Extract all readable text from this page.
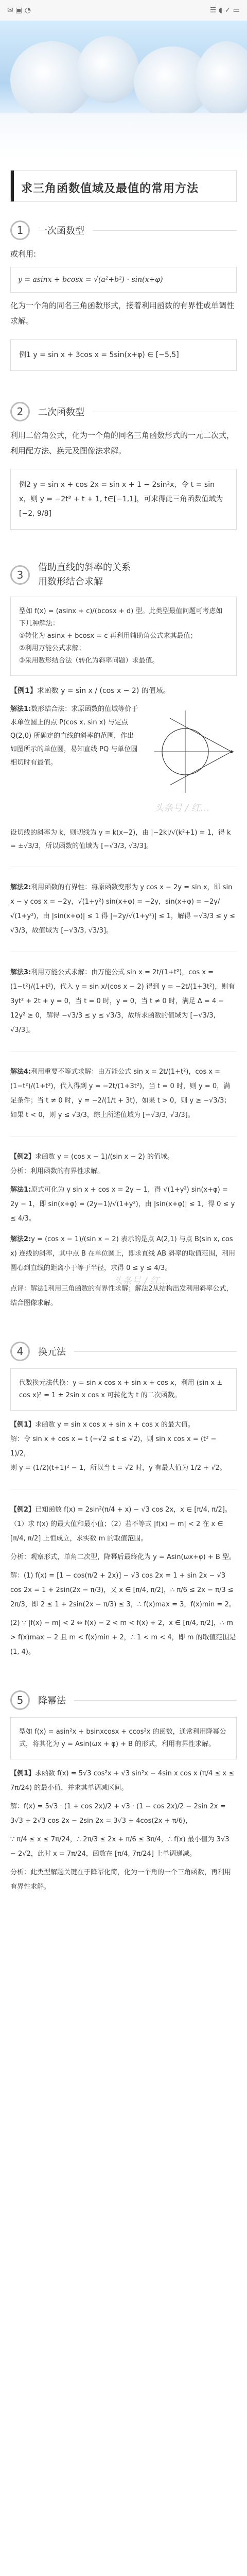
✉ ▣ ◔	☰ ◖ ✓ ▭
求三角函数值域及最值的常用方法
1	一次函数型
或利用:
y = asinx + bcosx = √(a²+b²) · sin(x+φ)
化为一个角的同名三角函数形式，接着利用函数的有界性或单调性求解。
例1 y = sin x + 3cos x = 5sin(x+φ) ∈ [−5,5]
2	二次函数型
利用二倍角公式，化为一个角的同名三角函数形式的一元二次式，利用配方法、换元及图像法求解。
例2 y = sin x + cos 2x = sin x + 1 − 2sin²x，令 t = sin x，则 y = −2t² + t + 1, t∈[−1,1]，可求得此三角函数值域为[−2, 9/8]
3
借助直线的斜率的关系
用数形结合求解
型如 f(x) = (asinx + c)/(bcosx + d) 型。此类型最值问题可考虑如下几种解法：
①转化为 asinx + bcosx = c 再利用辅助角公式求其最值；
②利用万能公式求解；
③采用数形结合法（转化为斜率问题）求最值。
【例1】求函数 y = sin x / (cos x − 2) 的值域。
解法1:数形结合法：求原函数的值域等价于求单位圆上的点 P(cos x, sin x) 与定点 Q(2,0) 所确定的直线的斜率的范围，作出如图所示的单位圆，易知直线 PQ 与单位圆相切时有最值。
头条号 / 红…
设切线的斜率为 k，则切线为 y = k(x−2)，由 |−2k|/√(k²+1) = 1，得 k = ±√3/3，所以函数的值域为 [−√3/3, √3/3]。
解法2:利用函数的有界性：将原函数变形为 y cos x − 2y = sin x，即 sin x − y cos x = −2y，√(1+y²) sin(x+φ) = −2y，sin(x+φ) = −2y/√(1+y²)，由 |sin(x+φ)| ≤ 1 得 |−2y/√(1+y²)| ≤ 1，解得 −√3/3 ≤ y ≤ √3/3，故值域为 [−√3/3, √3/3]。
解法3:利用万能公式求解：由万能公式 sin x = 2t/(1+t²)，cos x = (1−t²)/(1+t²)，代入 y = sin x/(cos x − 2) 得到 y = −2t/(1+3t²)，则有 3yt² + 2t + y = 0，当 t = 0 时，y = 0，当 t ≠ 0 时，满足 Δ = 4 − 12y² ≥ 0，解得 −√3/3 ≤ y ≤ √3/3，故所求函数的值域为 [−√3/3, √3/3]。
解法4:利用重要不等式求解：由万能公式 sin x = 2t/(1+t²)，cos x = (1−t²)/(1+t²)，代入得到 y = −2t/(1+3t²)，当 t = 0 时，则 y = 0，满足条件；当 t ≠ 0 时，y = −2/(1/t + 3t)，如果 t > 0，则 y ≥ −√3/3；如果 t < 0，则 y ≤ √3/3，综上所述值域为 [−√3/3, √3/3]。
【例2】求函数 y = (cos x − 1)/(sin x − 2) 的值域。
分析：利用函数的有界性求解。
解法1:原式可化为 y sin x + cos x = 2y − 1，得 √(1+y²) sin(x+φ) = 2y − 1，即 sin(x+φ) = (2y−1)/√(1+y²)，由 |sin(x+φ)| ≤ 1，得 0 ≤ y ≤ 4/3。
解法2:y = (cos x − 1)/(sin x − 2) 表示的是点 A(2,1) 与点 B(sin x, cos x) 连线的斜率，其中点 B 在单位圆上，即求直线 AB 斜率的取值范围，利用圆心到直线的距离小于等于半径，求得 0 ≤ y ≤ 4/3。
头条号 / 红…
点评：解法1利用三角函数的有界性求解；解法2从结构出发利用斜率公式，结合图像求解。
4	换元法
代数换元法代换：y = sin x cos x + sin x + cos x，利用 (sin x ± cos x)² = 1 ± 2sin x cos x 可转化为 t 的二次函数。
【例1】求函数 y = sin x cos x + sin x + cos x 的最大值。
解：令 sin x + cos x = t (−√2 ≤ t ≤ √2)，则 sin x cos x = (t² − 1)/2，
则 y = (1/2)(t+1)² − 1，所以当 t = √2 时，y 有最大值为 1/2 + √2。
【例2】已知函数 f(x) = 2sin²(π/4 + x) − √3 cos 2x，x ∈ [π/4, π/2]。（1）求 f(x) 的最大值和最小值；（2）若不等式 |f(x) − m| < 2 在 x ∈ [π/4, π/2] 上恒成立，求实数 m 的取值范围。
分析：观察形式，单角二次型，降幂后最终化为 y = Asin(ωx+φ) + B 型。
解：(1) f(x) = [1 − cos(π/2 + 2x)] − √3 cos 2x = 1 + sin 2x − √3 cos 2x = 1 + 2sin(2x − π/3)，又 x ∈ [π/4, π/2]，∴ π/6 ≤ 2x − π/3 ≤ 2π/3，即 2 ≤ 1 + 2sin(2x − π/3) ≤ 3，∴ f(x)max = 3，f(x)min = 2。
(2) ∵ |f(x) − m| < 2 ⇔ f(x) − 2 < m < f(x) + 2，x ∈ [π/4, π/2]，∴ m > f(x)max − 2 且 m < f(x)min + 2，∴ 1 < m < 4，即 m 的取值范围是 (1, 4)。
5	降幂法
型如 f(x) = asin²x + bsinxcosx + ccos²x 的函数，通常利用降幂公式，将其化为 y = Asin(ωx + φ) + B 的形式，利用有界性求解。
【例1】求函数 f(x) = 5√3 cos²x + √3 sin²x − 4sin x cos x (π/4 ≤ x ≤ 7π/24) 的最小值，并求其单调减区间。
解：f(x) = 5√3 · (1 + cos 2x)/2 + √3 · (1 − cos 2x)/2 − 2sin 2x = 3√3 + 2√3 cos 2x − 2sin 2x = 3√3 + 4cos(2x + π/6)，
∵ π/4 ≤ x ≤ 7π/24，∴ 2π/3 ≤ 2x + π/6 ≤ 3π/4，∴ f(x) 最小值为 3√3 − 2√2，此时 x = 7π/24，函数在 [π/4, 7π/24] 上单调递减。
分析：此类型解题关键在于降幂化简，化为一个角的一个三角函数，再利用有界性求解。
